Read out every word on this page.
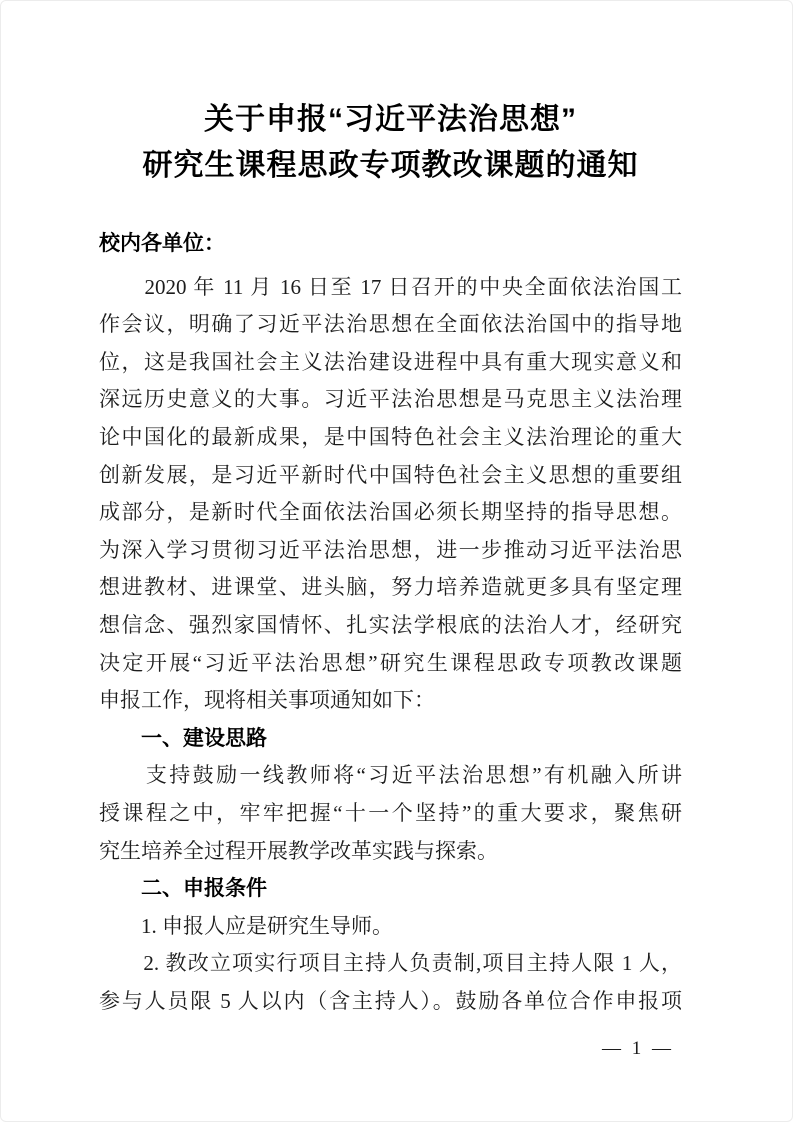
关于申报“习近平法治思想”
研究生课程思政专项教改课题的通知
校内各单位：
　　2020 年 11 月 16 日至 17 日召开的中央全面依法治国工
作会议，明确了习近平法治思想在全面依法治国中的指导地
位，这是我国社会主义法治建设进程中具有重大现实意义和
深远历史意义的大事。习近平法治思想是马克思主义法治理
论中国化的最新成果，是中国特色社会主义法治理论的重大
创新发展，是习近平新时代中国特色社会主义思想的重要组
成部分，是新时代全面依法治国必须长期坚持的指导思想。
为深入学习贯彻习近平法治思想，进一步推动习近平法治思
想进教材、进课堂、进头脑，努力培养造就更多具有坚定理
想信念、强烈家国情怀、扎实法学根底的法治人才，经研究
决定开展“习近平法治思想”研究生课程思政专项教改课题
申报工作，现将相关事项通知如下：
　　一、建设思路
　　支持鼓励一线教师将“习近平法治思想”有机融入所讲
授课程之中，牢牢把握“十一个坚持”的重大要求，聚焦研
究生培养全过程开展教学改革实践与探索。
　　二、申报条件
　　1. 申报人应是研究生导师。
　　2. 教改立项实行项目主持人负责制,项目主持人限 1 人，
参与人员限 5 人以内（含主持人）。鼓励各单位合作申报项
— 1 —
